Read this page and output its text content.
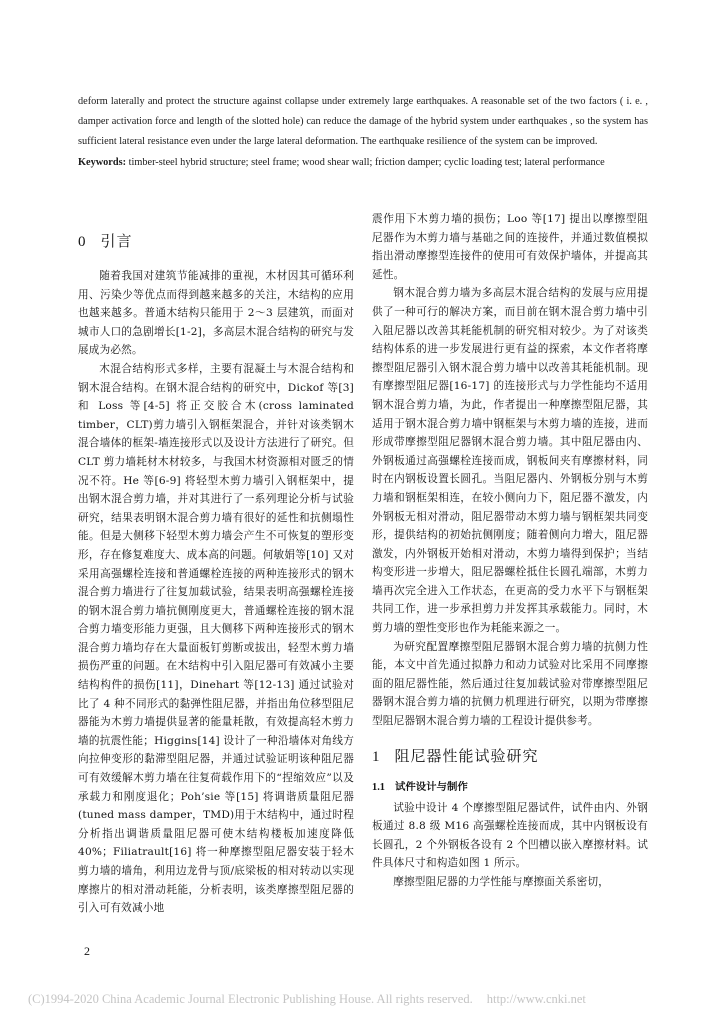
deform laterally and protect the structure against collapse under extremely large earthquakes. A reasonable set of the two factors ( i. e. , damper activation force and length of the slotted hole) can reduce the damage of the hybrid system under earthquakes , so the system has sufficient lateral resistance even under the large lateral deformation. The earthquake resilience of the system can be improved.

Keywords: timber-steel hybrid structure; steel frame; wood shear wall; friction damper; cyclic loading test; lateral performance

0 引言

随着我国对建筑节能减排的重视，木材因其可循环利用、污染少等优点而得到越来越多的关注，木结构的应用也越来越多。普通木结构只能用于 2～3 层建筑，而面对城市人口的急剧增长[1-2]，多高层木混合结构的研究与发展成为必然。

木混合结构形式多样，主要有混凝土与木混合结构和钢木混合结构。在钢木混合结构的研究中，Dickof 等[3] 和 Loss 等[4-5] 将正交胶合木(cross laminated timber，CLT)剪力墙引入钢框架混合，并针对该类钢木混合墙体的框架-墙连接形式以及设计方法进行了研究。但 CLT 剪力墙耗材木材较多，与我国木材资源相对匮乏的情况不符。He 等[6-9] 将轻型木剪力墙引入钢框架中，提出钢木混合剪力墙，并对其进行了一系列理论分析与试验研究，结果表明钢木混合剪力墙有很好的延性和抗侧塌性能。但是大侧移下轻型木剪力墙会产生不可恢复的塑形变形，存在修复难度大、成本高的问题。何敏娟等[10] 又对采用高强螺栓连接和普通螺栓连接的两种连接形式的钢木混合剪力墙进行了往复加载试验，结果表明高强螺栓连接的钢木混合剪力墙抗侧刚度更大，普通螺栓连接的钢木混合剪力墙变形能力更强，且大侧移下两种连接形式的钢木混合剪力墙均存在大量面板钉剪断或拔出，轻型木剪力墙损伤严重的问题。在木结构中引入阻尼器可有效减小主要结构构件的损伤[11]，Dinehart 等[12-13] 通过试验对比了 4 种不同形式的黏弹性阻尼器，并指出角位移型阻尼器能为木剪力墙提供显著的能量耗散，有效提高轻木剪力墙的抗震性能；Higgins[14] 设计了一种沿墙体对角线方向拉伸变形的黏滞型阻尼器，并通过试验证明该种阻尼器可有效缓解木剪力墙在往复荷载作用下的“捏缩效应”以及承载力和刚度退化；Poh’sie 等[15] 将调谐质量阻尼器(tuned mass damper，TMD)用于木结构中，通过时程分析指出调谐质量阻尼器可使木结构楼板加速度降低 40%；Filiatrault[16] 将一种摩擦型阻尼器安装于轻木剪力墙的墙角，利用边龙骨与顶/底梁板的相对转动以实现摩擦片的相对滑动耗能，分析表明，该类摩擦型阻尼器的引入可有效减小地

震作用下木剪力墙的损伤；Loo 等[17] 提出以摩擦型阻尼器作为木剪力墙与基础之间的连接件，并通过数值模拟指出滑动摩擦型连接件的使用可有效保护墙体，并提高其延性。

钢木混合剪力墙为多高层木混合结构的发展与应用提供了一种可行的解决方案，而目前在钢木混合剪力墙中引入阻尼器以改善其耗能机制的研究相对较少。为了对该类结构体系的进一步发展进行更有益的探索，本文作者将摩擦型阻尼器引入钢木混合剪力墙中以改善其耗能机制。现有摩擦型阻尼器[16-17] 的连接形式与力学性能均不适用钢木混合剪力墙，为此，作者提出一种摩擦型阻尼器，其适用于钢木混合剪力墙中钢框架与木剪力墙的连接，进而形成带摩擦型阻尼器钢木混合剪力墙。其中阻尼器由内、外钢板通过高强螺栓连接而成，钢板间夹有摩擦材料，同时在内钢板设置长圆孔。当阻尼器内、外钢板分别与木剪力墙和钢框架相连，在较小侧向力下，阻尼器不激发，内外钢板无相对滑动，阻尼器带动木剪力墙与钢框架共同变形，提供结构的初始抗侧刚度；随着侧向力增大，阻尼器激发，内外钢板开始相对滑动，木剪力墙得到保护；当结构变形进一步增大，阻尼器螺栓抵住长圆孔端部，木剪力墙再次完全进入工作状态，在更高的受力水平下与钢框架共同工作，进一步承担剪力并发挥其承载能力。同时，木剪力墙的塑性变形也作为耗能来源之一。

为研究配置摩擦型阻尼器钢木混合剪力墙的抗侧力性能，本文中首先通过拟静力和动力试验对比采用不同摩擦面的阻尼器性能，然后通过往复加载试验对带摩擦型阻尼器钢木混合剪力墙的抗侧力机理进行研究，以期为带摩擦型阻尼器钢木混合剪力墙的工程设计提供参考。

1 阻尼器性能试验研究
1.1 试件设计与制作

试验中设计 4 个摩擦型阻尼器试件，试件由内、外钢板通过 8.8 级 M16 高强螺栓连接而成，其中内钢板设有长圆孔，2 个外钢板各设有 2 个凹槽以嵌入摩擦材料。试件具体尺寸和构造如图 1 所示。

摩擦型阻尼器的力学性能与摩擦面关系密切，

2
(C)1994-2020 China Academic Journal Electronic Publishing House. All rights reserved. http://www.cnki.net
